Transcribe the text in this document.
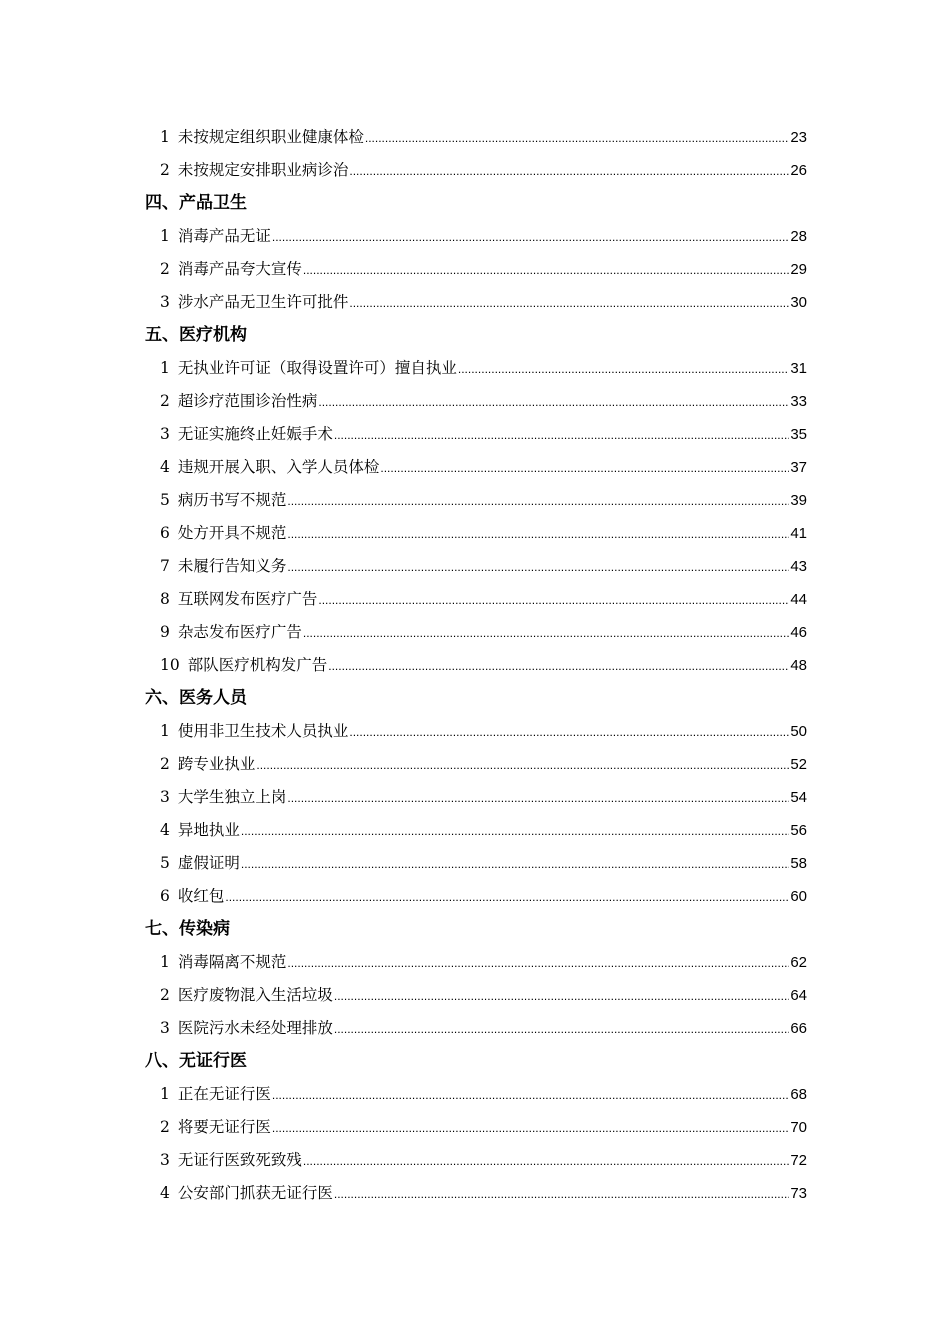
1 未按规定组织职业健康体检 .....	23
2 未按规定安排职业病诊治 .....	26
四、产品卫生
1 消毒产品无证 .....	28
2 消毒产品夸大宣传 .....	29
3 涉水产品无卫生许可批件 .....	30
五、医疗机构
1 无执业许可证（取得设置许可）擅自执业 .....	31
2 超诊疗范围诊治性病 .....	33
3 无证实施终止妊娠手术 .....	35
4 违规开展入职、入学人员体检 .....	37
5 病历书写不规范 .....	39
6 处方开具不规范 .....	41
7 未履行告知义务 .....	43
8 互联网发布医疗广告 .....	44
9 杂志发布医疗广告 .....	46
10 部队医疗机构发广告 .....	48
六、医务人员
1 使用非卫生技术人员执业 .....	50
2 跨专业执业 .....	52
3 大学生独立上岗 .....	54
4 异地执业 .....	56
5 虚假证明 .....	58
6 收红包 .....	60
七、传染病
1 消毒隔离不规范 .....	62
2 医疗废物混入生活垃圾 .....	64
3 医院污水未经处理排放 .....	66
八、无证行医
1 正在无证行医 .....	68
2 将要无证行医 .....	70
3 无证行医致死致残 .....	72
4 公安部门抓获无证行医 .....	73
